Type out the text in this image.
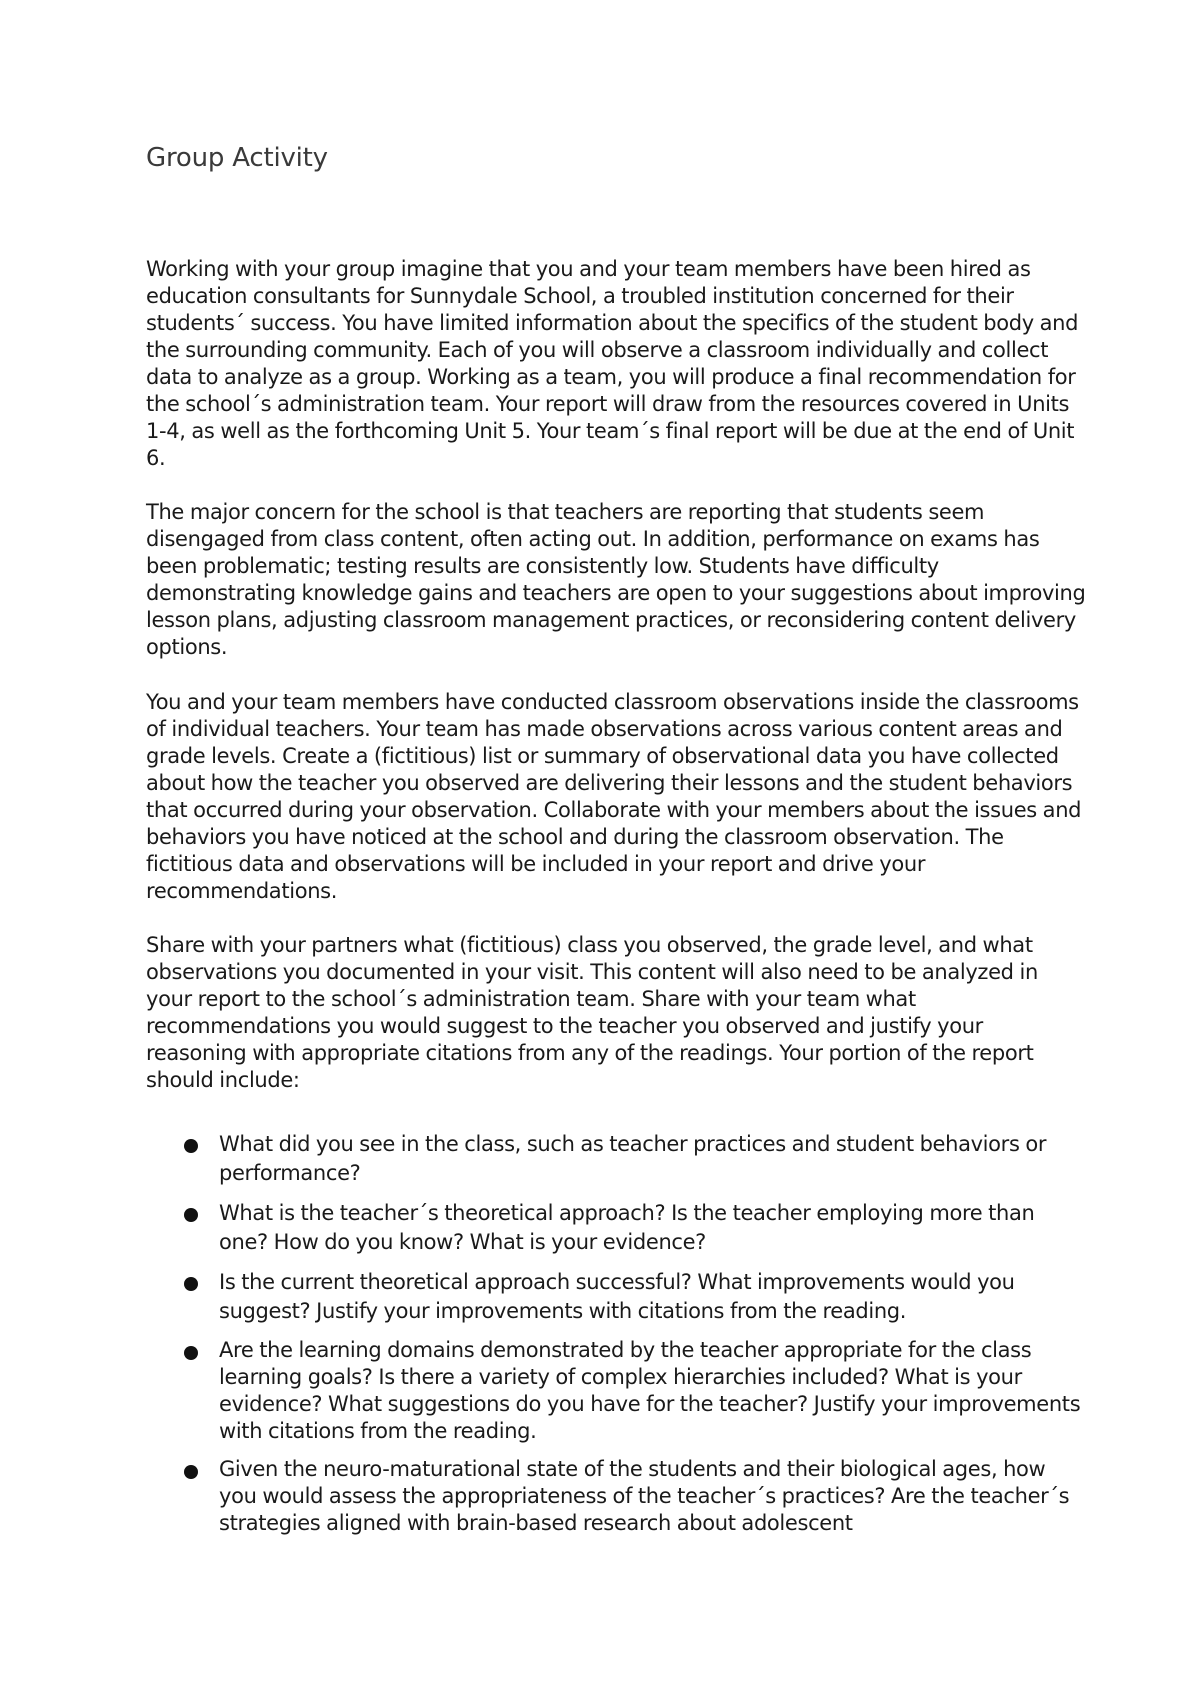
Group Activity

Working with your group imagine that you and your team members have been hired as education consultants for Sunnydale School, a troubled institution concerned for their students´ success. You have limited information about the specifics of the student body and the surrounding community. Each of you will observe a classroom individually and collect data to analyze as a group. Working as a team, you will produce a final recommendation for the school´s administration team. Your report will draw from the resources covered in Units 1-4, as well as the forthcoming Unit 5. Your team´s final report will be due at the end of Unit 6.

The major concern for the school is that teachers are reporting that students seem disengaged from class content, often acting out. In addition, performance on exams has been problematic; testing results are consistently low. Students have difficulty demonstrating knowledge gains and teachers are open to your suggestions about improving lesson plans, adjusting classroom management practices, or reconsidering content delivery options.

You and your team members have conducted classroom observations inside the classrooms of individual teachers. Your team has made observations across various content areas and grade levels. Create a (fictitious) list or summary of observational data you have collected about how the teacher you observed are delivering their lessons and the student behaviors that occurred during your observation. Collaborate with your members about the issues and behaviors you have noticed at the school and during the classroom observation. The fictitious data and observations will be included in your report and drive your recommendations.

Share with your partners what (fictitious) class you observed, the grade level, and what observations you documented in your visit. This content will also need to be analyzed in your report to the school´s administration team. Share with your team what recommendations you would suggest to the teacher you observed and justify your reasoning with appropriate citations from any of the readings. Your portion of the report should include:

What did you see in the class, such as teacher practices and student behaviors or performance?
What is the teacher´s theoretical approach? Is the teacher employing more than one? How do you know? What is your evidence?
Is the current theoretical approach successful? What improvements would you suggest? Justify your improvements with citations from the reading.
Are the learning domains demonstrated by the teacher appropriate for the class learning goals? Is there a variety of complex hierarchies included? What is your evidence? What suggestions do you have for the teacher? Justify your improvements with citations from the reading.
Given the neuro-maturational state of the students and their biological ages, how you would assess the appropriateness of the teacher´s practices? Are the teacher´s strategies aligned with brain-based research about adolescent
